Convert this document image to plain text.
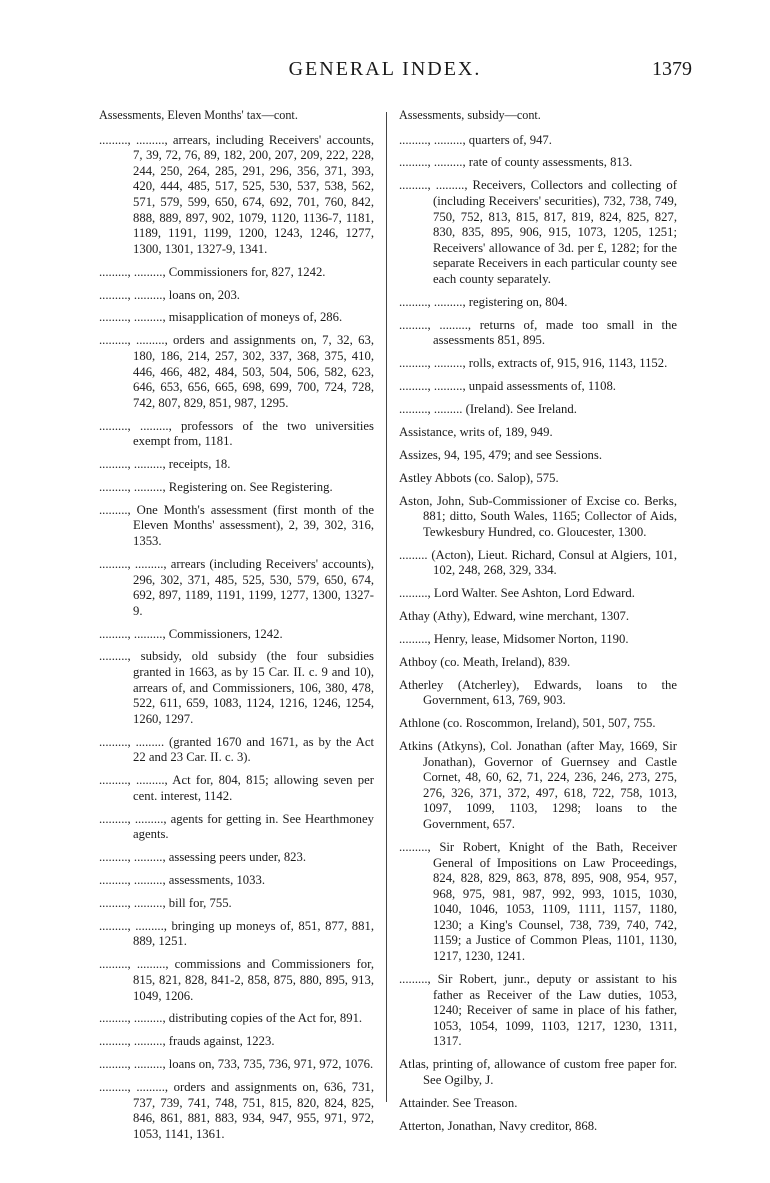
GENERAL INDEX.	1379
Assessments, Eleven Months' tax—cont.
........., ........., arrears, including Receivers' accounts, 7, 39, 72, 76, 89, 182, 200, 207, 209, 222, 228, 244, 250, 264, 285, 291, 296, 356, 371, 393, 420, 444, 485, 517, 525, 530, 537, 538, 562, 571, 579, 599, 650, 674, 692, 701, 760, 842, 888, 889, 897, 902, 1079, 1120, 1136-7, 1181, 1189, 1191, 1199, 1200, 1243, 1246, 1277, 1300, 1301, 1327-9, 1341.
........., ........., Commissioners for, 827, 1242.
........., ........., loans on, 203.
........., ........., misapplication of moneys of, 286.
........., ........., orders and assignments on, 7, 32, 63, 180, 186, 214, 257, 302, 337, 368, 375, 410, 446, 466, 482, 484, 503, 504, 506, 582, 623, 646, 653, 656, 665, 698, 699, 700, 724, 728, 742, 807, 829, 851, 987, 1295.
........., ........., professors of the two universities exempt from, 1181.
........., ........., receipts, 18.
........., ........., Registering on. See Registering.
........., One Month's assessment (first month of the Eleven Months' assessment), 2, 39, 302, 316, 1353.
........., ........., arrears (including Receivers' accounts), 296, 302, 371, 485, 525, 530, 579, 650, 674, 692, 897, 1189, 1191, 1199, 1277, 1300, 1327-9.
........., ........., Commissioners, 1242.
........., subsidy, old subsidy (the four subsidies granted in 1663, as by 15 Car. II. c. 9 and 10), arrears of, and Commissioners, 106, 380, 478, 522, 611, 659, 1083, 1124, 1216, 1246, 1254, 1260, 1297.
........., ......... (granted 1670 and 1671, as by the Act 22 and 23 Car. II. c. 3).
........., ........., Act for, 804, 815; allowing seven per cent. interest, 1142.
........., ........., agents for getting in. See Hearthmoney agents.
........., ........., assessing peers under, 823.
........., ........., assessments, 1033.
........., ........., bill for, 755.
........., ........., bringing up moneys of, 851, 877, 881, 889, 1251.
........., ........., commissions and Commissioners for, 815, 821, 828, 841-2, 858, 875, 880, 895, 913, 1049, 1206.
........., ........., distributing copies of the Act for, 891.
........., ........., frauds against, 1223.
........., ........., loans on, 733, 735, 736, 971, 972, 1076.
........., ........., orders and assignments on, 636, 731, 737, 739, 741, 748, 751, 815, 820, 824, 825, 846, 861, 881, 883, 934, 947, 955, 971, 972, 1053, 1141, 1361.
Assessments, subsidy—cont.
........., ........., quarters of, 947.
........., ........., rate of county assessments, 813.
........., ........., Receivers, Collectors and collecting of (including Receivers' securities), 732, 738, 749, 750, 752, 813, 815, 817, 819, 824, 825, 827, 830, 835, 895, 906, 915, 1073, 1205, 1251; Receivers' allowance of 3d. per £, 1282; for the separate Receivers in each particular county see each county separately.
........., ........., registering on, 804.
........., ........., returns of, made too small in the assessments 851, 895.
........., ........., rolls, extracts of, 915, 916, 1143, 1152.
........., ........., unpaid assessments of, 1108.
........., ......... (Ireland). See Ireland.
Assistance, writs of, 189, 949.
Assizes, 94, 195, 479; and see Sessions.
Astley Abbots (co. Salop), 575.
Aston, John, Sub-Commissioner of Excise co. Berks, 881; ditto, South Wales, 1165; Collector of Aids, Tewkesbury Hundred, co. Gloucester, 1300.
......... (Acton), Lieut. Richard, Consul at Algiers, 101, 102, 248, 268, 329, 334.
........., Lord Walter. See Ashton, Lord Edward.
Athay (Athy), Edward, wine merchant, 1307.
........., Henry, lease, Midsomer Norton, 1190.
Athboy (co. Meath, Ireland), 839.
Atherley (Atcherley), Edwards, loans to the Government, 613, 769, 903.
Athlone (co. Roscommon, Ireland), 501, 507, 755.
Atkins (Atkyns), Col. Jonathan (after May, 1669, Sir Jonathan), Governor of Guernsey and Castle Cornet, 48, 60, 62, 71, 224, 236, 246, 273, 275, 276, 326, 371, 372, 497, 618, 722, 758, 1013, 1097, 1099, 1103, 1298; loans to the Government, 657.
........., Sir Robert, Knight of the Bath, Receiver General of Impositions on Law Proceedings, 824, 828, 829, 863, 878, 895, 908, 954, 957, 968, 975, 981, 987, 992, 993, 1015, 1030, 1040, 1046, 1053, 1109, 1111, 1157, 1180, 1230; a King's Counsel, 738, 739, 740, 742, 1159; a Justice of Common Pleas, 1101, 1130, 1217, 1230, 1241.
........., Sir Robert, junr., deputy or assistant to his father as Receiver of the Law duties, 1053, 1240; Receiver of same in place of his father, 1053, 1054, 1099, 1103, 1217, 1230, 1311, 1317.
Atlas, printing of, allowance of custom free paper for. See Ogilby, J.
Attainder. See Treason.
Atterton, Jonathan, Navy creditor, 868.
